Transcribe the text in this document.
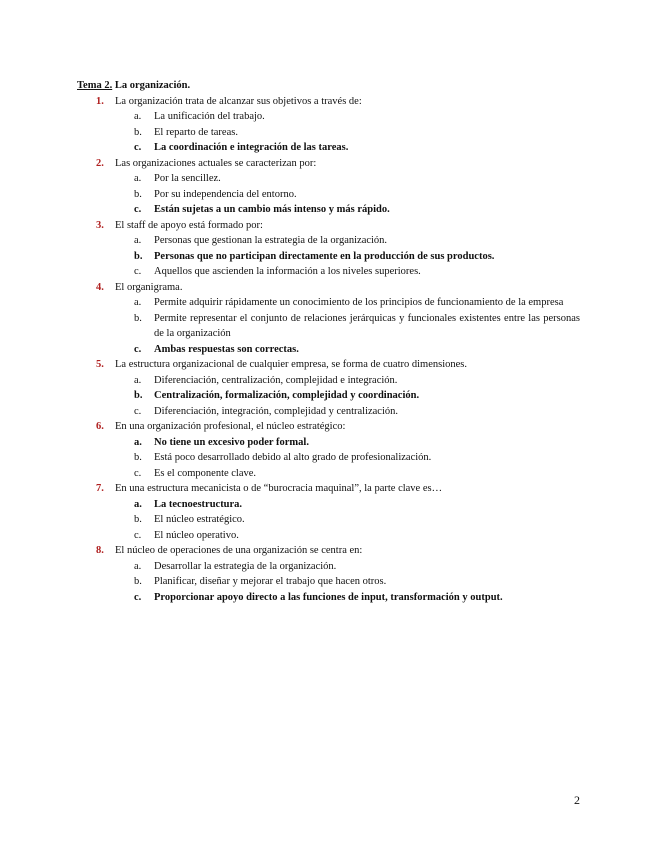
Tema 2. La organización.
1. La organización trata de alcanzar sus objetivos a través de:
a. La unificación del trabajo.
b. El reparto de tareas.
c. La coordinación e integración de las tareas.
2. Las organizaciones actuales se caracterizan por:
a. Por la sencillez.
b. Por su independencia del entorno.
c. Están sujetas a un cambio más intenso y más rápido.
3. El staff de apoyo está formado por:
a. Personas que gestionan la estrategia de la organización.
b. Personas que no participan directamente en la producción de sus productos.
c. Aquellos que ascienden la información a los niveles superiores.
4. El organigrama.
a. Permite adquirir rápidamente un conocimiento de los principios de funcionamiento de la empresa
b. Permite representar el conjunto de relaciones jerárquicas y funcionales existentes entre las personas de la organización
c. Ambas respuestas son correctas.
5. La estructura organizacional de cualquier empresa, se forma de cuatro dimensiones.
a. Diferenciación, centralización, complejidad e integración.
b. Centralización, formalización, complejidad y coordinación.
c. Diferenciación, integración, complejidad y centralización.
6. En una organización profesional, el núcleo estratégico:
a. No tiene un excesivo poder formal.
b. Está poco desarrollado debido al alto grado de profesionalización.
c. Es el componente clave.
7. En una estructura mecanicista o de “burocracia maquinal”, la parte clave es…
a. La tecnoestructura.
b. El núcleo estratégico.
c. El núcleo operativo.
8. El núcleo de operaciones de una organización se centra en:
a. Desarrollar la estrategia de la organización.
b. Planificar, diseñar y mejorar el trabajo que hacen otros.
c. Proporcionar apoyo directo a las funciones de input, transformación y output.
2
